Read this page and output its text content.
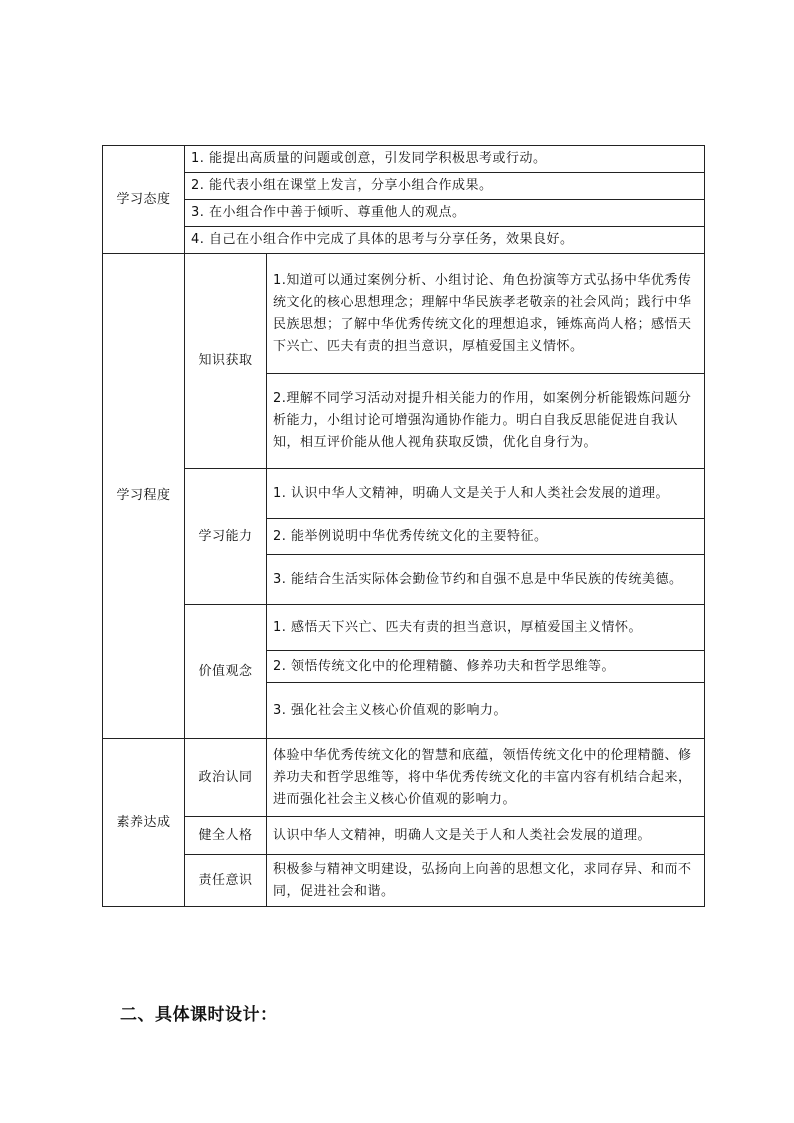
学习态度	1. 能提出高质量的问题或创意，引发同学积极思考或行动。	
	2. 能代表小组在课堂上发言，分享小组合作成果。	
	3. 在小组合作中善于倾听、尊重他人的观点。	
	4. 自己在小组合作中完成了具体的思考与分享任务，效果良好。	
学习程度	知识获取	1.知道可以通过案例分析、小组讨论、角色扮演等方式弘扬中华优秀传统文化的核心思想理念；理解中华民族孝老敬亲的社会风尚；践行中华民族思想；了解中华优秀传统文化的理想追求，锤炼高尚人格；感悟天下兴亡、匹夫有责的担当意识，厚植爱国主义情怀。
		2.理解不同学习活动对提升相关能力的作用，如案例分析能锻炼问题分析能力，小组讨论可增强沟通协作能力。明白自我反思能促进自我认知，相互评价能从他人视角获取反馈，优化自身行为。
	学习能力	1. 认识中华人文精神，明确人文是关于人和人类社会发展的道理。
		2. 能举例说明中华优秀传统文化的主要特征。
		3. 能结合生活实际体会勤俭节约和自强不息是中华民族的传统美德。
	价值观念	1. 感悟天下兴亡、匹夫有责的担当意识，厚植爱国主义情怀。
		2. 领悟传统文化中的伦理精髓、修养功夫和哲学思维等。
		3. 强化社会主义核心价值观的影响力。
素养达成	政治认同	体验中华优秀传统文化的智慧和底蕴，领悟传统文化中的伦理精髓、修养功夫和哲学思维等，将中华优秀传统文化的丰富内容有机结合起来，进而强化社会主义核心价值观的影响力。
	健全人格	认识中华人文精神，明确人文是关于人和人类社会发展的道理。
	责任意识	积极参与精神文明建设，弘扬向上向善的思想文化，求同存异、和而不同，促进社会和谐。
二、具体课时设计：
